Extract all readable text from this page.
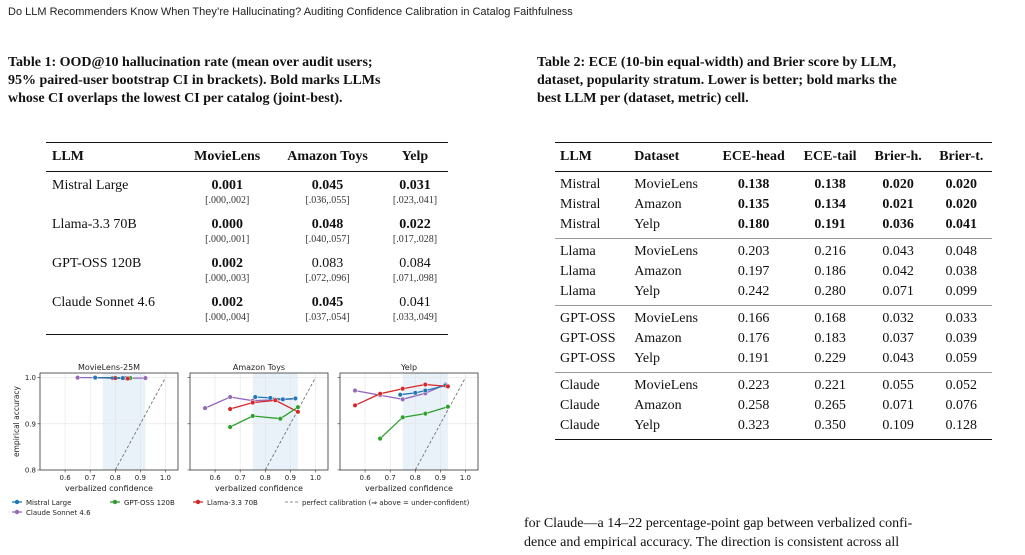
Do LLM Recommenders Know When They’re Hallucinating? Auditing Confidence Calibration in Catalog Faithfulness
Table 1: OOD@10 hallucination rate (mean over audit users;
95% paired-user bootstrap CI in brackets). Bold marks LLMs
whose CI overlaps the lowest CI per catalog (joint-best).
LLM	MovieLens	Amazon Toys	Yelp
Mistral Large	0.001	0.045	0.031
	[.000,.002]	[.036,.055]	[.023,.041]
Llama-3.3 70B	0.000	0.048	0.022
	[.000,.001]	[.040,.057]	[.017,.028]
GPT-OSS 120B	0.002	0.083	0.084
	[.000,.003]	[.072,.096]	[.071,.098]
Claude Sonnet 4.6	0.002	0.045	0.041
	[.000,.004]	[.037,.054]	[.033,.049]
Table 2: ECE (10-bin equal-width) and Brier score by LLM,
dataset, popularity stratum. Lower is better; bold marks the
best LLM per (dataset, metric) cell.
LLM	Dataset	ECE-head	ECE-tail	Brier-h.	Brier-t.
Mistral	MovieLens	0.138	0.138	0.020	0.020
Mistral	Amazon	0.135	0.134	0.021	0.020
Mistral	Yelp	0.180	0.191	0.036	0.041
Llama	MovieLens	0.203	0.216	0.043	0.048
Llama	Amazon	0.197	0.186	0.042	0.038
Llama	Yelp	0.242	0.280	0.071	0.099
GPT-OSS	MovieLens	0.166	0.168	0.032	0.033
GPT-OSS	Amazon	0.176	0.183	0.037	0.039
GPT-OSS	Yelp	0.191	0.229	0.043	0.059
Claude	MovieLens	0.223	0.221	0.055	0.052
Claude	Amazon	0.258	0.265	0.071	0.076
Claude	Yelp	0.323	0.350	0.109	0.128
MovieLens-25M
0.6 0.7 0.8 0.9 1.0
0.8
0.9
1.0
verbalized confidence
Amazon Toys
0.6 0.7 0.8 0.9 1.0
verbalized confidence
Yelp
0.6 0.7 0.8 0.9 1.0
verbalized confidence
empirical accuracy
Mistral Large	GPT-OSS 120B	Llama-3.3 70B
Claude Sonnet 4.6
perfect calibration (⇒ above = under-confident)
for Claude—a 14–22 percentage-point gap between verbalized confi-
dence and empirical accuracy. The direction is consistent across all
